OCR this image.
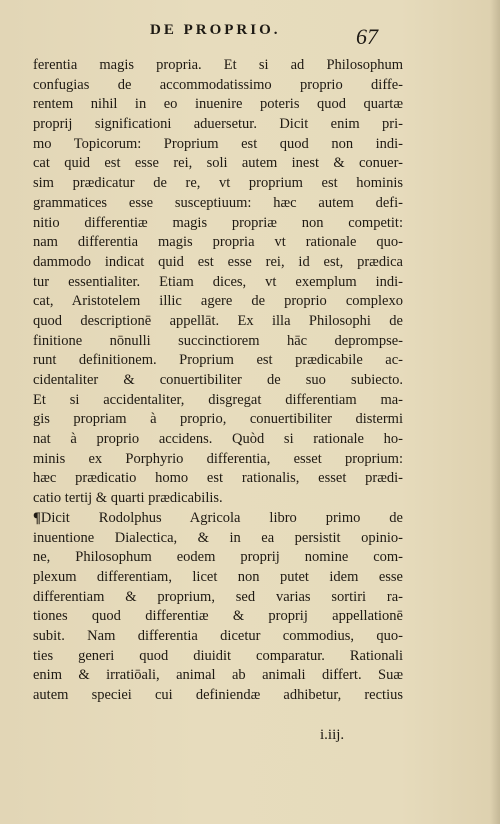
DE PROPRIO.	67
ferentia magis propria. Et si ad Philosophum
confugias de accommodatissimo proprio diffe-
rentem nihil in eo inuenire poteris quod quartæ
proprij significationi aduersetur. Dicit enim pri-
mo Topicorum: Proprium est quod non indi-
cat quid est esse rei, soli autem inest & conuer-
sim prædicatur de re, vt proprium est hominis
grammatices esse susceptiuum: hæc autem defi-
nitio differentiæ magis propriæ non competit:
nam differentia magis propria vt rationale quo-
dammodo indicat quid est esse rei, id est, prædica
tur essentialiter. Etiam dices, vt exemplum indi-
cat, Aristotelem illic agere de proprio complexo
quod descriptionē appellāt. Ex illa Philosophi de
finitione nōnulli succinctiorem hāc deprompse-
runt definitionem. Proprium est prædicabile ac-
cidentaliter & conuertibiliter de suo subiecto.
Et si accidentaliter, disgregat differentiam ma-
gis propriam à proprio, conuertibiliter distermi
nat à proprio accidens. Quòd si rationale ho-
minis ex Porphyrio differentia, esset proprium:
hæc prædicatio homo est rationalis, esset prædi-
catio tertij & quarti prædicabilis.
¶Dicit Rodolphus Agricola libro primo de
inuentione Dialectica, & in ea persistit opinio-
ne, Philosophum eodem proprij nomine com-
plexum differentiam, licet non putet idem esse
differentiam & proprium, sed varias sortiri ra-
tiones quod differentiæ & proprij appellationē
subit. Nam differentia dicetur commodius, quo-
ties generi quod diuidit comparatur. Rationali
enim & irratiōali, animal ab animali differt. Suæ
autem speciei cui definiendæ adhibetur, rectius
i.iij.
